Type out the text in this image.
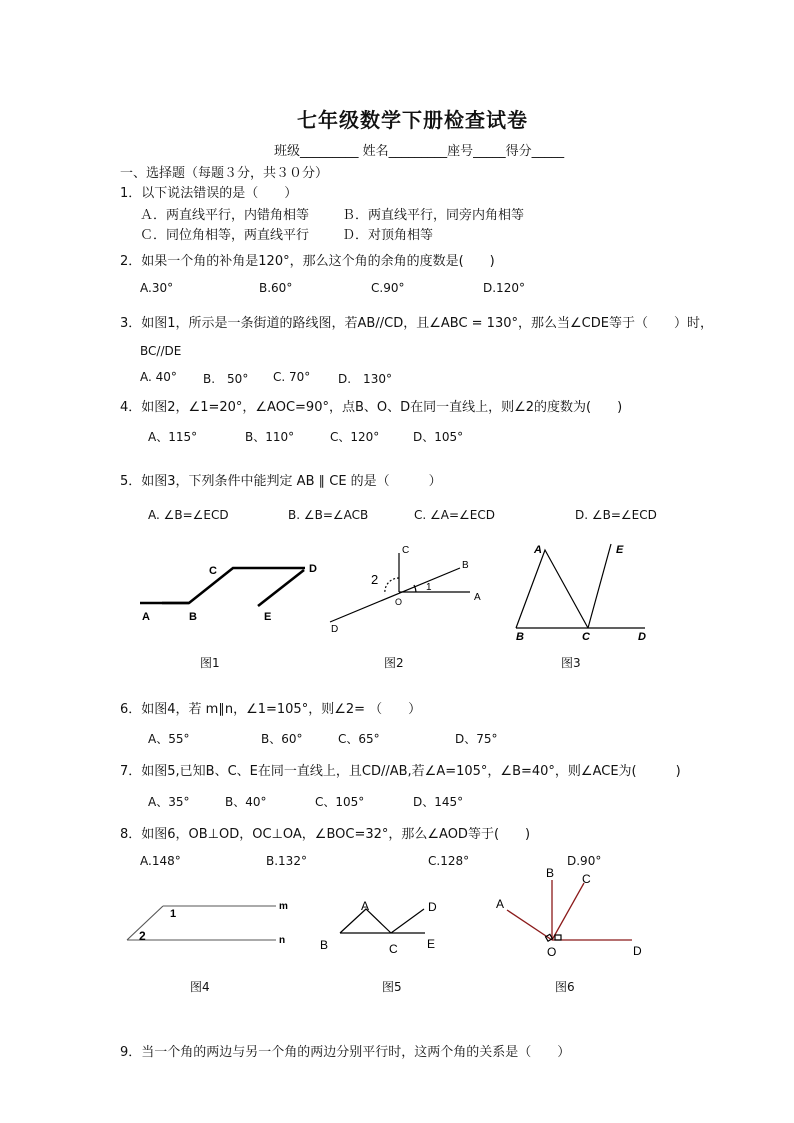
七年级数学下册检查试卷
班级_________ 姓名_________座号_____得分_____
一、选择题（每题３分，共３０分）
1．以下说法错误的是（　　）
Ａ．两直线平行，内错角相等	Ｂ．两直线平行，同旁内角相等
Ｃ．同位角相等，两直线平行	Ｄ．对顶角相等
2．如果一个角的补角是120°，那么这个角的余角的度数是(　　)
A.30°	B.60°	C.90°	D.120°
3．如图1，所示是一条街道的路线图，若AB//CD，且∠ABC = 130°，那么当∠CDE等于（　　）时，
BC//DE
A. 40° B.　50° C. 70° D.　130°
4．如图2，∠1=20°，∠AOC=90°，点B、O、D在同一直线上，则∠2的度数为(　　)
A、115°	B、110°	C、120°	D、105°
5．如图3，下列条件中能判定 AB ∥ CE 的是（　　　）
A. ∠B=∠ECD	B. ∠B=∠ACB	C. ∠A=∠ECD	D. ∠B=∠ECD
A	B
C	D
E
图1
C
2
B
1
O	A
D
图2
A	E
B	C	D
图3
6．如图4，若 m∥n，∠1=105°，则∠2= （　　）
A、55°	B、60°	C、65°	D、75°
7．如图5,已知B、C、E在同一直线上，且CD//AB,若∠A=105°，∠B=40°，则∠ACE为(　　　)
A、35°	B、40°	C、105°	D、145°
8．如图6，OB⊥OD，OC⊥OA，∠BOC=32°，那么∠AOD等于(　　)
A.148°	B.132°	C.128°	D.90°
m
1
2	n
图4
A	D
B	C E
图5
B C
A
O	D
图6
9．当一个角的两边与另一个角的两边分别平行时，这两个角的关系是（　　）
